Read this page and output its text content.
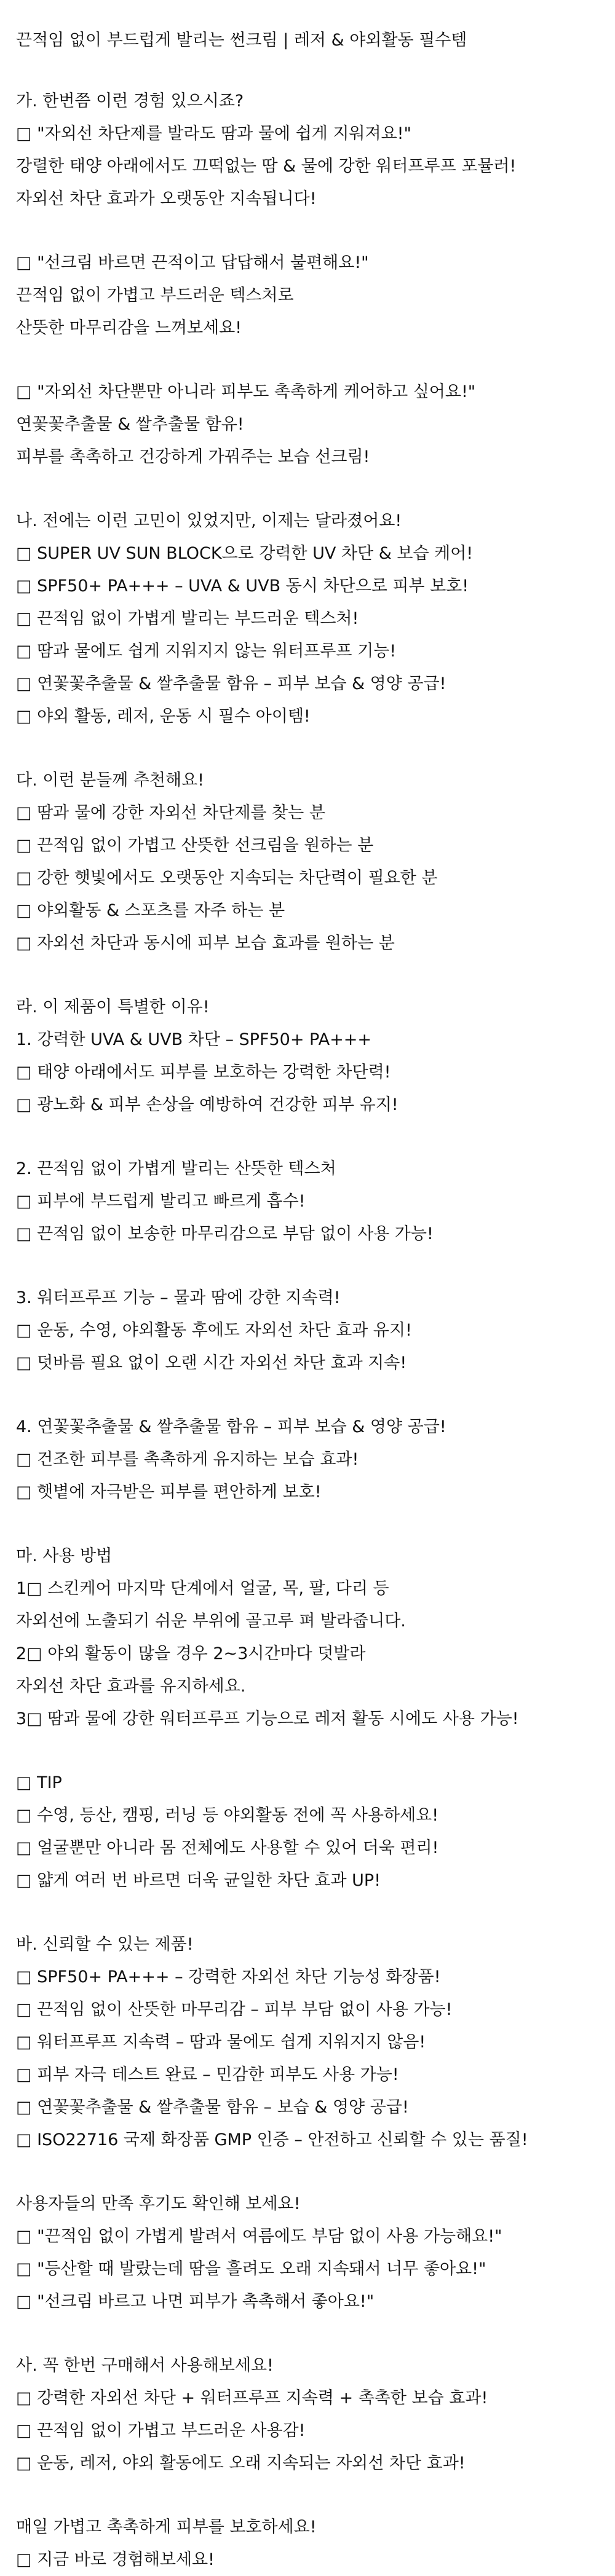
끈적임 없이 부드럽게 발리는 썬크림 | 레저 & 야외활동 필수템
가. 한번쯤 이런 경험 있으시죠?
□ "자외선 차단제를 발라도 땀과 물에 쉽게 지워져요!"
강렬한 태양 아래에서도 끄떡없는 땀 & 물에 강한 워터프루프 포뮬러!
자외선 차단 효과가 오랫동안 지속됩니다!
□ "선크림 바르면 끈적이고 답답해서 불편해요!"
끈적임 없이 가볍고 부드러운 텍스처로
산뜻한 마무리감을 느껴보세요!
□ "자외선 차단뿐만 아니라 피부도 촉촉하게 케어하고 싶어요!"
연꽃꽃추출물 & 쌀추출물 함유!
피부를 촉촉하고 건강하게 가꿔주는 보습 선크림!
나. 전에는 이런 고민이 있었지만, 이제는 달라졌어요!
□ SUPER UV SUN BLOCK으로 강력한 UV 차단 & 보습 케어!
□ SPF50+ PA+++ – UVA & UVB 동시 차단으로 피부 보호!
□ 끈적임 없이 가볍게 발리는 부드러운 텍스처!
□ 땀과 물에도 쉽게 지워지지 않는 워터프루프 기능!
□ 연꽃꽃추출물 & 쌀추출물 함유 – 피부 보습 & 영양 공급!
□ 야외 활동, 레저, 운동 시 필수 아이템!
다. 이런 분들께 추천해요!
□ 땀과 물에 강한 자외선 차단제를 찾는 분
□ 끈적임 없이 가볍고 산뜻한 선크림을 원하는 분
□ 강한 햇빛에서도 오랫동안 지속되는 차단력이 필요한 분
□ 야외활동 & 스포츠를 자주 하는 분
□ 자외선 차단과 동시에 피부 보습 효과를 원하는 분
라. 이 제품이 특별한 이유!
1. 강력한 UVA & UVB 차단 – SPF50+ PA+++
□ 태양 아래에서도 피부를 보호하는 강력한 차단력!
□ 광노화 & 피부 손상을 예방하여 건강한 피부 유지!
2. 끈적임 없이 가볍게 발리는 산뜻한 텍스처
□ 피부에 부드럽게 발리고 빠르게 흡수!
□ 끈적임 없이 보송한 마무리감으로 부담 없이 사용 가능!
3. 워터프루프 기능 – 물과 땀에 강한 지속력!
□ 운동, 수영, 야외활동 후에도 자외선 차단 효과 유지!
□ 덧바름 필요 없이 오랜 시간 자외선 차단 효과 지속!
4. 연꽃꽃추출물 & 쌀추출물 함유 – 피부 보습 & 영양 공급!
□ 건조한 피부를 촉촉하게 유지하는 보습 효과!
□ 햇볕에 자극받은 피부를 편안하게 보호!
마. 사용 방법
1□ 스킨케어 마지막 단계에서 얼굴, 목, 팔, 다리 등
자외선에 노출되기 쉬운 부위에 골고루 펴 발라줍니다.
2□ 야외 활동이 많을 경우 2~3시간마다 덧발라
자외선 차단 효과를 유지하세요.
3□ 땀과 물에 강한 워터프루프 기능으로 레저 활동 시에도 사용 가능!
□ TIP
□ 수영, 등산, 캠핑, 러닝 등 야외활동 전에 꼭 사용하세요!
□ 얼굴뿐만 아니라 몸 전체에도 사용할 수 있어 더욱 편리!
□ 얇게 여러 번 바르면 더욱 균일한 차단 효과 UP!
바. 신뢰할 수 있는 제품!
□ SPF50+ PA+++ – 강력한 자외선 차단 기능성 화장품!
□ 끈적임 없이 산뜻한 마무리감 – 피부 부담 없이 사용 가능!
□ 워터프루프 지속력 – 땀과 물에도 쉽게 지워지지 않음!
□ 피부 자극 테스트 완료 – 민감한 피부도 사용 가능!
□ 연꽃꽃추출물 & 쌀추출물 함유 – 보습 & 영양 공급!
□ ISO22716 국제 화장품 GMP 인증 – 안전하고 신뢰할 수 있는 품질!
사용자들의 만족 후기도 확인해 보세요!
□ "끈적임 없이 가볍게 발려서 여름에도 부담 없이 사용 가능해요!"
□ "등산할 때 발랐는데 땀을 흘려도 오래 지속돼서 너무 좋아요!"
□ "선크림 바르고 나면 피부가 촉촉해서 좋아요!"
사. 꼭 한번 구매해서 사용해보세요!
□ 강력한 자외선 차단 + 워터프루프 지속력 + 촉촉한 보습 효과!
□ 끈적임 없이 가볍고 부드러운 사용감!
□ 운동, 레저, 야외 활동에도 오래 지속되는 자외선 차단 효과!
매일 가볍고 촉촉하게 피부를 보호하세요!
□ 지금 바로 경험해보세요!
